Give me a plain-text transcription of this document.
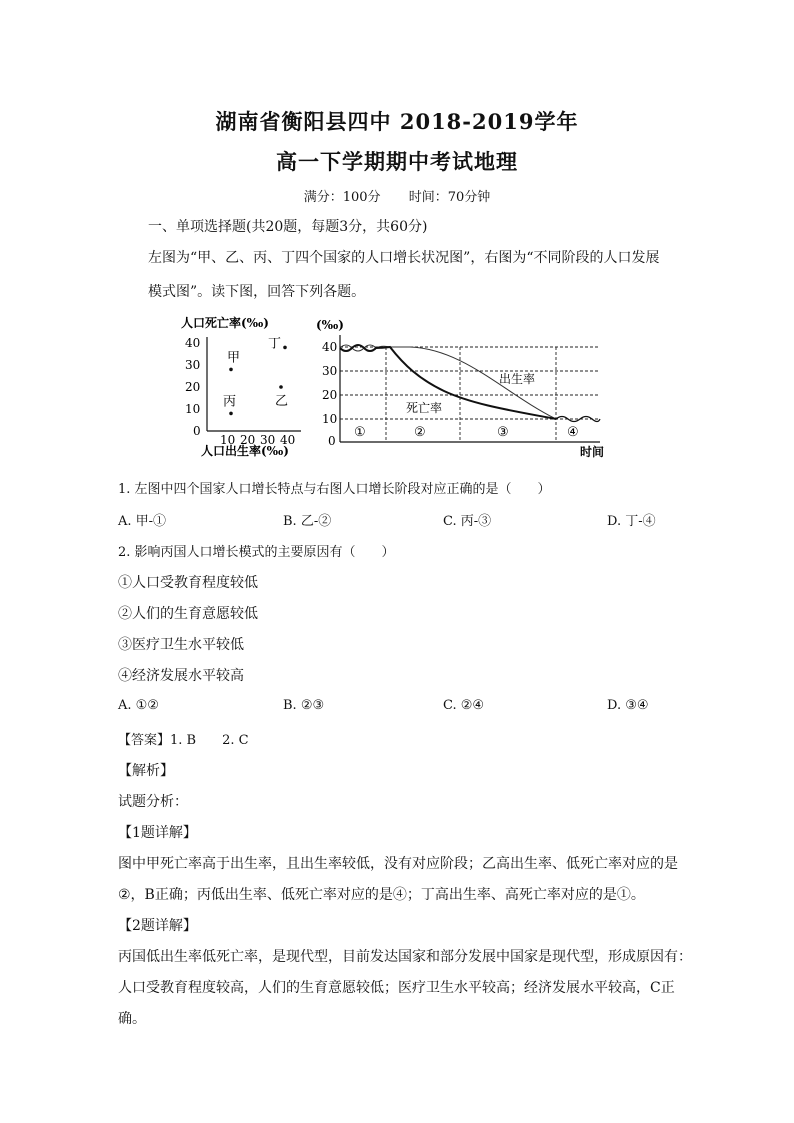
湖南省衡阳县四中 2018-2019学年
高一下学期期中考试地理
满分：100分 时间：70分钟
一、单项选择题(共20题，每题3分，共60分)
左图为“甲、乙、丙、丁四个国家的人口增长状况图”，右图为“不同阶段的人口发展
模式图”。读下图，回答下列各题。
人口死亡率(‰)
40
30
20
10
0
10 20 30 40
甲
乙
丙
丁
人口出生率(‰)
(‰)
40
30
20
10
0
出生率
死亡率
①	②	③	④
时间
1. 左图中四个国家人口增长特点与右图人口增长阶段对应正确的是（　　）
A. 甲-①	B. 乙-②	C. 丙-③	D. 丁-④
2. 影响丙国人口增长模式的主要原因有（　　）
①人口受教育程度较低
②人们的生育意愿较低
③医疗卫生水平较低
④经济发展水平较高
A. ①②	B. ②③	C. ②④	D. ③④
【答案】1. B　　2. C
【解析】
试题分析：
【1题详解】
图中甲死亡率高于出生率，且出生率较低，没有对应阶段；乙高出生率、低死亡率对应的是
②，B正确；丙低出生率、低死亡率对应的是④；丁高出生率、高死亡率对应的是①。
【2题详解】
丙国低出生率低死亡率，是现代型，目前发达国家和部分发展中国家是现代型，形成原因有：
人口受教育程度较高，人们的生育意愿较低；医疗卫生水平较高；经济发展水平较高，C正
确。
